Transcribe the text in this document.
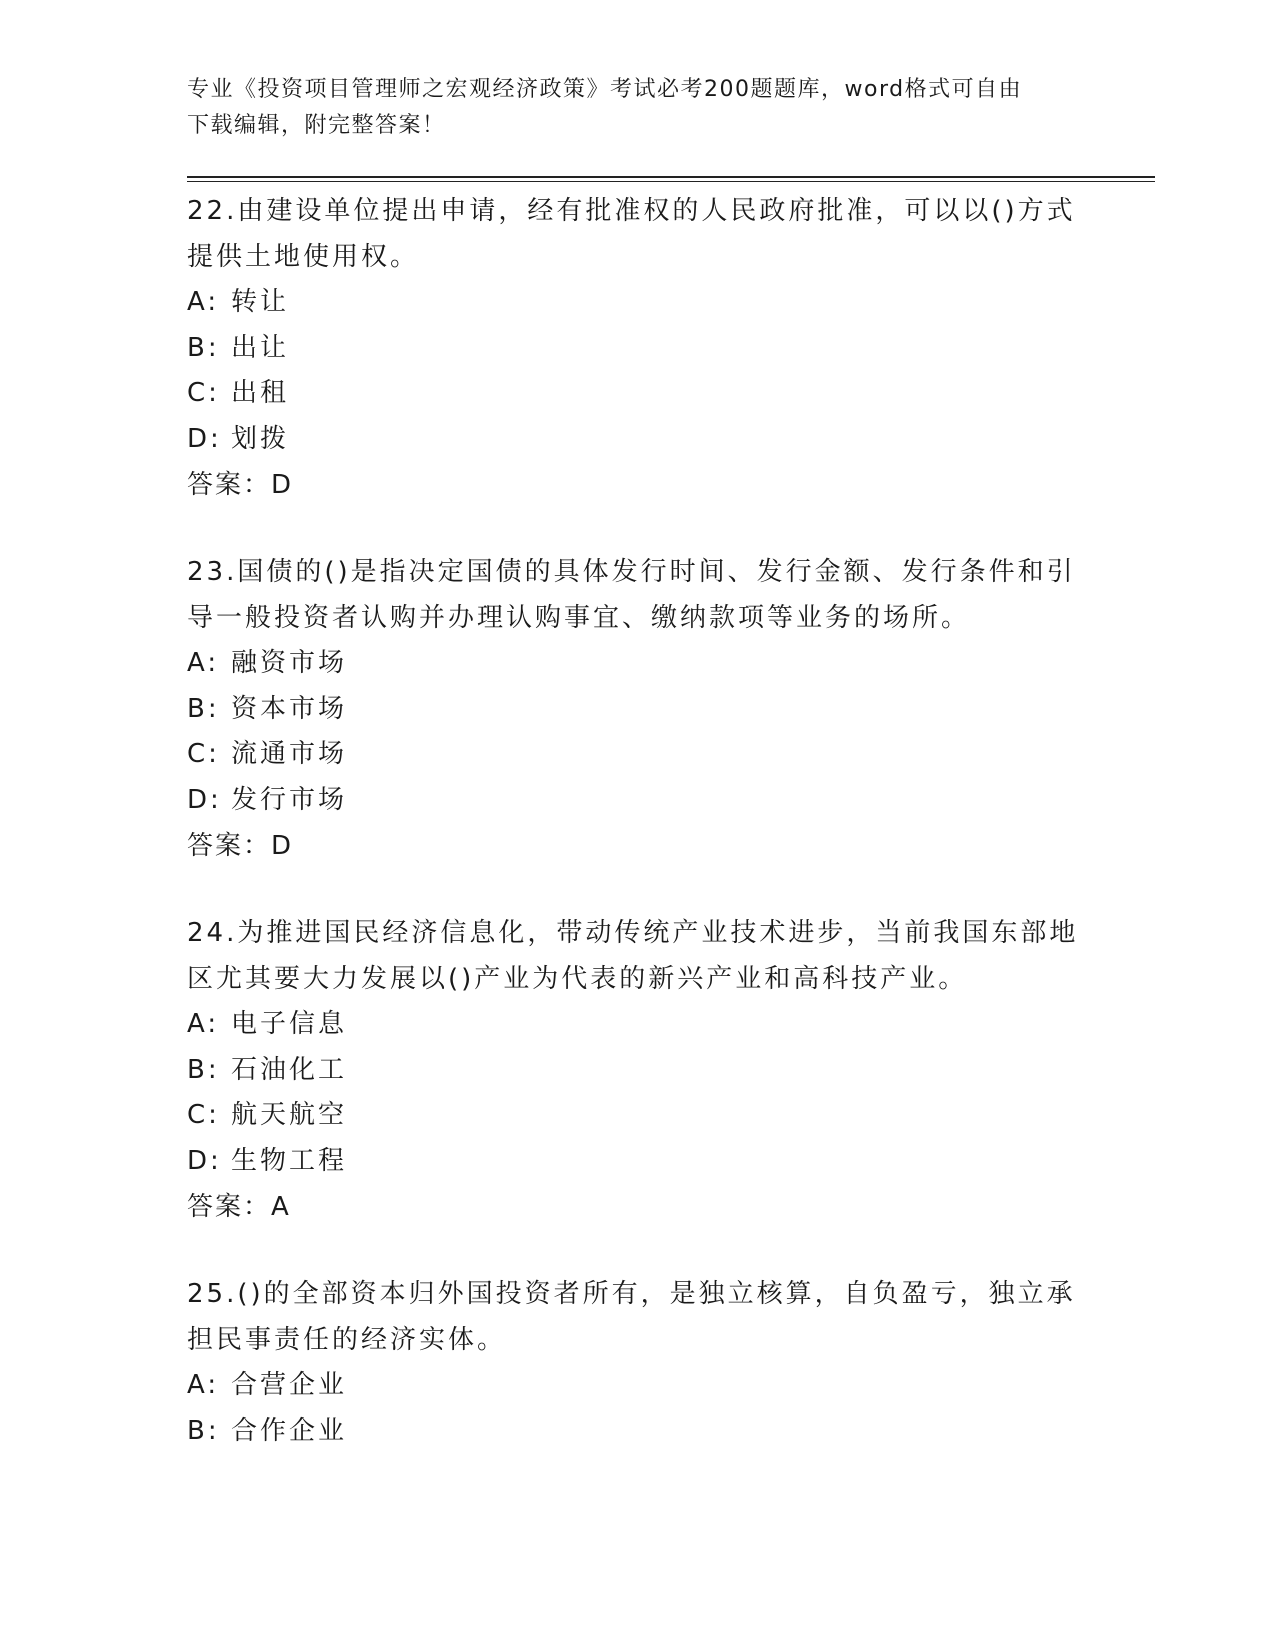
专业《投资项目管理师之宏观经济政策》考试必考200题题库，word格式可自由
下载编辑，附完整答案！

22.由建设单位提出申请，经有批准权的人民政府批准，可以以()方式

提供土地使用权。

A: 转让

B: 出让

C: 出租

D: 划拨

答案：D

23.国债的()是指决定国债的具体发行时间、发行金额、发行条件和引

导一般投资者认购并办理认购事宜、缴纳款项等业务的场所。

A: 融资市场

B: 资本市场

C: 流通市场

D: 发行市场

答案：D

24.为推进国民经济信息化，带动传统产业技术进步，当前我国东部地

区尤其要大力发展以()产业为代表的新兴产业和高科技产业。

A: 电子信息

B: 石油化工

C: 航天航空

D: 生物工程

答案：A

25.()的全部资本归外国投资者所有，是独立核算，自负盈亏，独立承

担民事责任的经济实体。

A: 合营企业

B: 合作企业
